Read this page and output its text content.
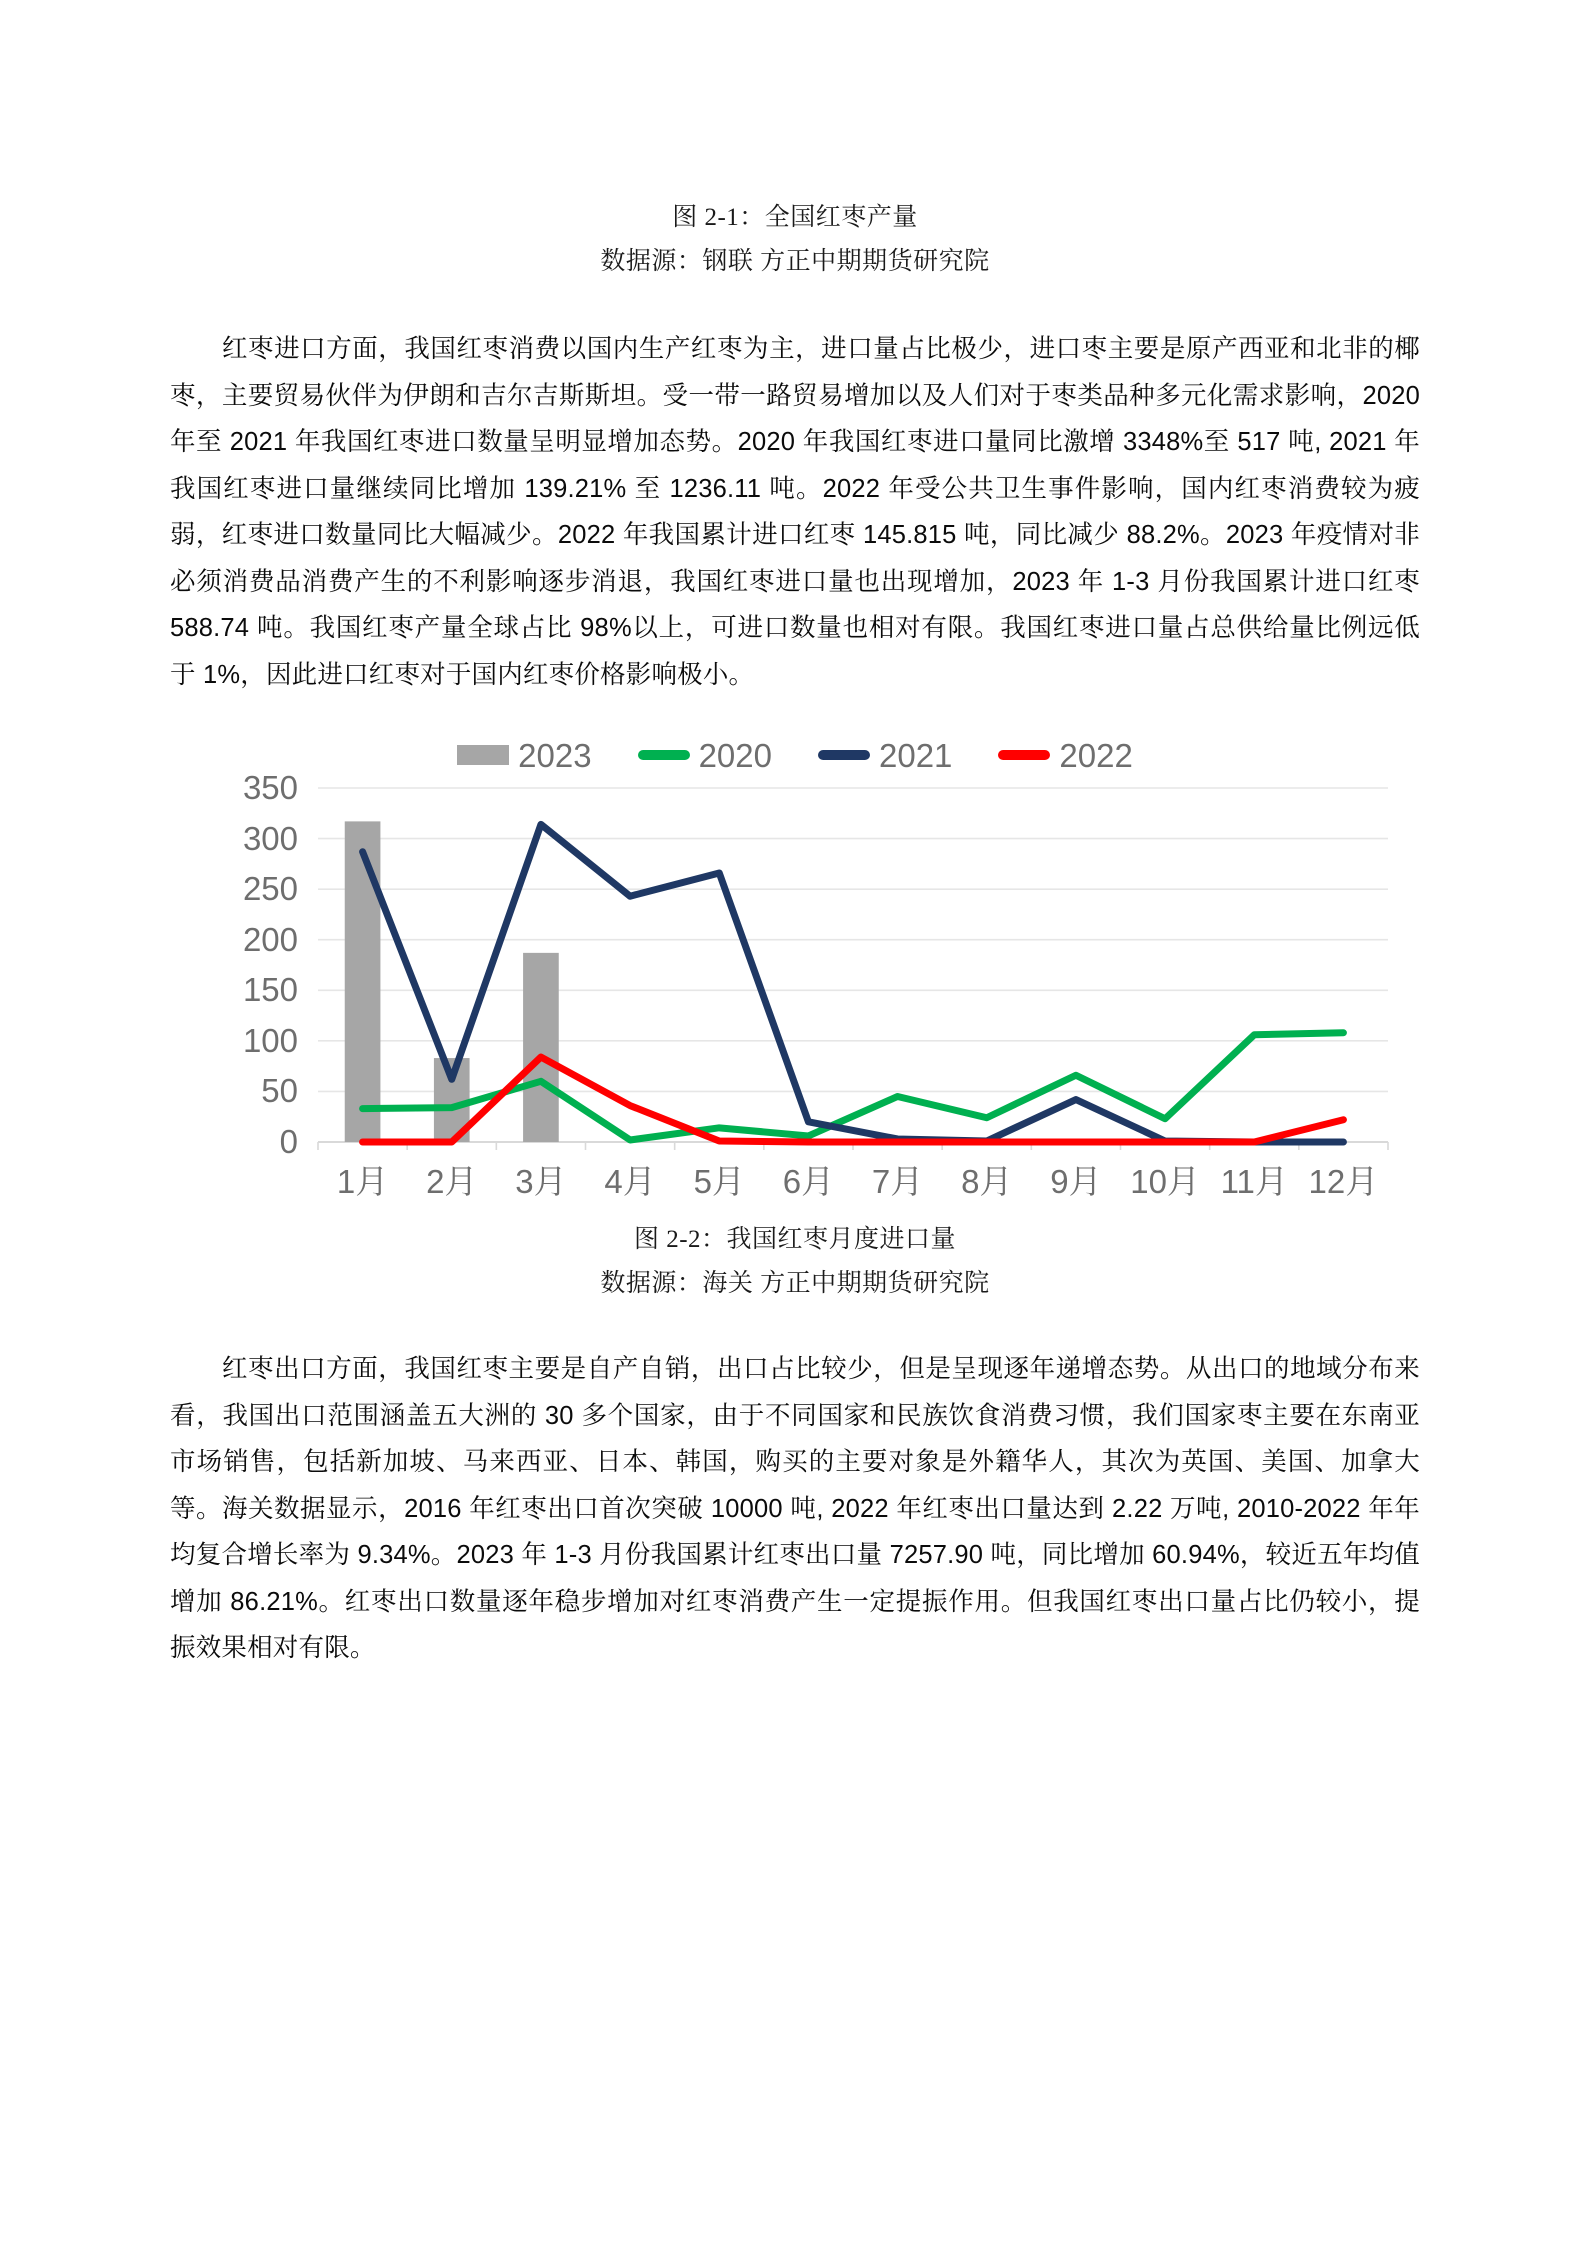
图 2-1：全国红枣产量
数据源：钢联 方正中期期货研究院
红枣进口方面，我国红枣消费以国内生产红枣为主，进口量占比极少，进口枣主要是原产西亚和北非的椰枣，主要贸易伙伴为伊朗和吉尔吉斯斯坦。受一带一路贸易增加以及人们对于枣类品种多元化需求影响，2020 年至 2021 年我国红枣进口数量呈明显增加态势。2020 年我国红枣进口量同比激增 3348%至 517 吨, 2021 年我国红枣进口量继续同比增加 139.21% 至 1236.11 吨。2022 年受公共卫生事件影响，国内红枣消费较为疲弱，红枣进口数量同比大幅减少。2022 年我国累计进口红枣 145.815 吨，同比减少 88.2%。2023 年疫情对非必须消费品消费产生的不利影响逐步消退，我国红枣进口量也出现增加，2023 年 1-3 月份我国累计进口红枣 588.74 吨。我国红枣产量全球占比 98%以上，可进口数量也相对有限。我国红枣进口量占总供给量比例远低于 1%，因此进口红枣对于国内红枣价格影响极小。
2023	2020	2021	2022
0
50
100
150
200
250
300
350
1月 2月 3月 4月 5月 6月 7月 8月 9月 10月 11月 12月
图 2-2：我国红枣月度进口量
数据源：海关 方正中期期货研究院
红枣出口方面，我国红枣主要是自产自销，出口占比较少，但是呈现逐年递增态势。从出口的地域分布来看，我国出口范围涵盖五大洲的 30 多个国家，由于不同国家和民族饮食消费习惯，我们国家枣主要在东南亚市场销售，包括新加坡、马来西亚、日本、韩国，购买的主要对象是外籍华人，其次为英国、美国、加拿大等。海关数据显示，2016 年红枣出口首次突破 10000 吨, 2022 年红枣出口量达到 2.22 万吨, 2010-2022 年年均复合增长率为 9.34%。2023 年 1-3 月份我国累计红枣出口量 7257.90 吨，同比增加 60.94%，较近五年均值增加 86.21%。红枣出口数量逐年稳步增加对红枣消费产生一定提振作用。但我国红枣出口量占比仍较小，提振效果相对有限。
